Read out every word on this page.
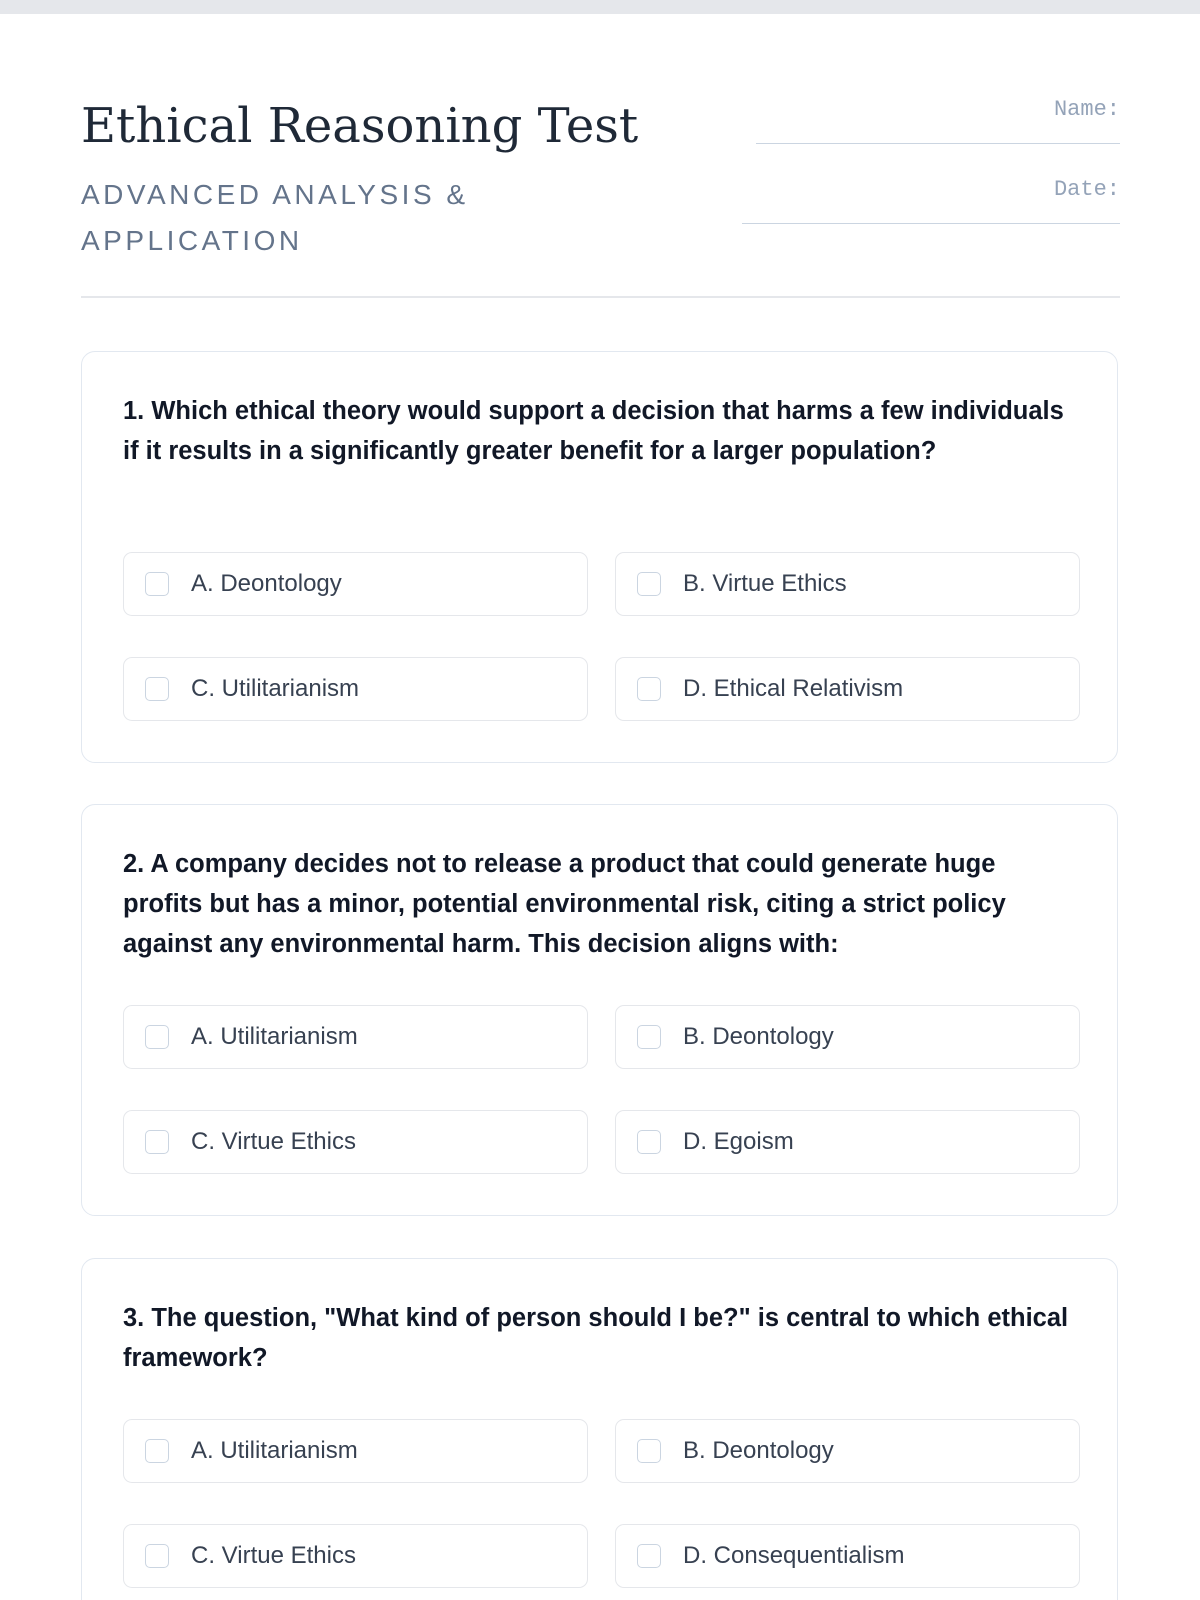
Ethical Reasoning Test
ADVANCED ANALYSIS & APPLICATION
Name:
Date:

1. Which ethical theory would support a decision that harms a few individuals if it results in a significantly greater benefit for a larger population?

A. Deontology	B. Virtue Ethics
C. Utilitarianism	D. Ethical Relativism

2. A company decides not to release a product that could generate huge profits but has a minor, potential environmental risk, citing a strict policy against any environmental harm. This decision aligns with:

A. Utilitarianism	B. Deontology
C. Virtue Ethics	D. Egoism

3. The question, "What kind of person should I be?" is central to which ethical framework?

A. Utilitarianism	B. Deontology
C. Virtue Ethics	D. Consequentialism
